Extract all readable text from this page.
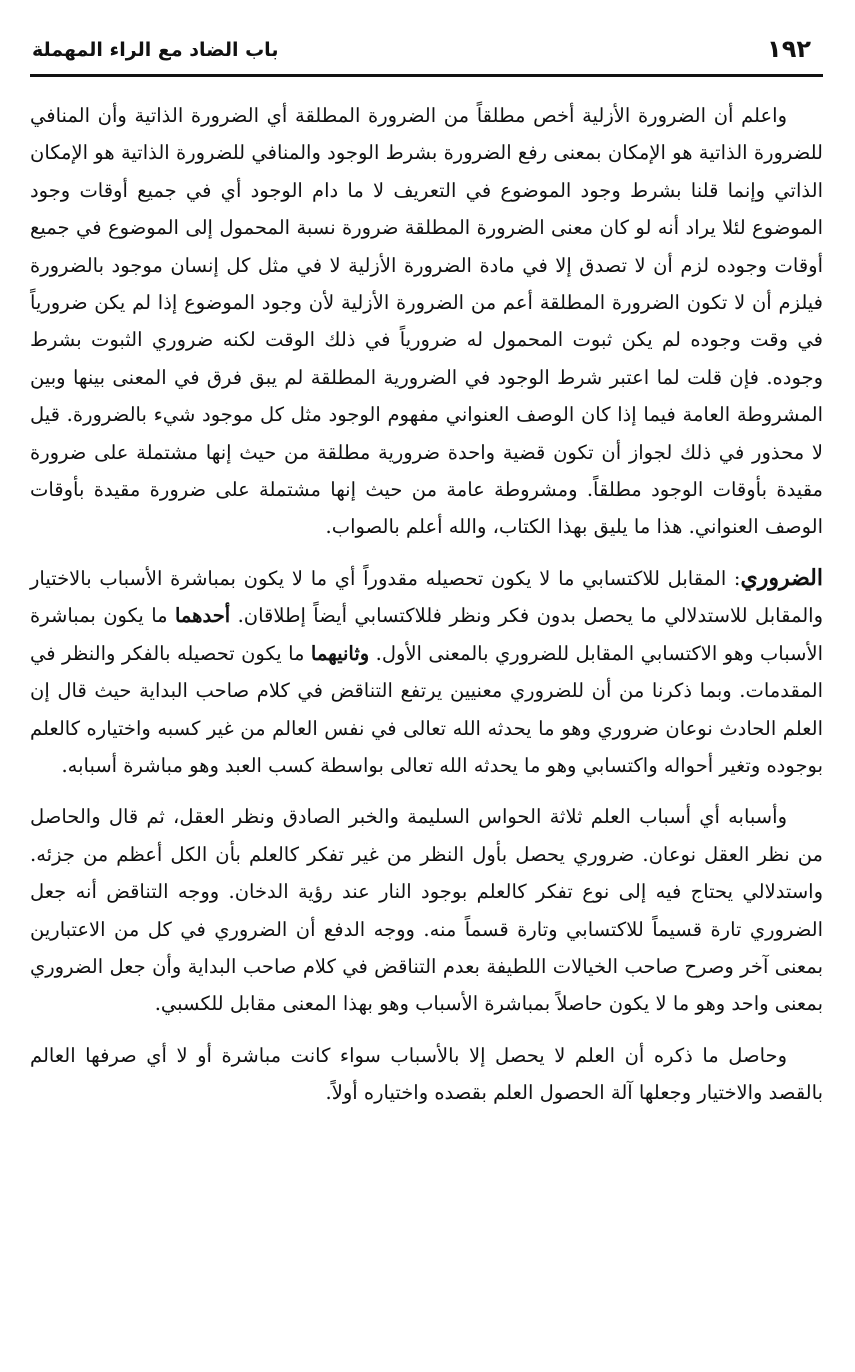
١٩٢
باب الضاد مع الراء المهملة

واعلم أن الضرورة الأزلية أخص مطلقاً من الضرورة المطلقة أي الضرورة الذاتية وأن المنافي للضرورة الذاتية هو الإمكان بمعنى رفع الضرورة بشرط الوجود والمنافي للضرورة الذاتية هو الإمكان الذاتي وإنما قلنا بشرط وجود الموضوع في التعريف لا ما دام الوجود أي في جميع أوقات وجود الموضوع لئلا يراد أنه لو كان معنى الضرورة المطلقة ضرورة نسبة المحمول إلى الموضوع في جميع أوقات وجوده لزم أن لا تصدق إلا في مادة الضرورة الأزلية لا في مثل كل إنسان موجود بالضرورة فيلزم أن لا تكون الضرورة المطلقة أعم من الضرورة الأزلية لأن وجود الموضوع إذا لم يكن ضرورياً في وقت وجوده لم يكن ثبوت المحمول له ضرورياً في ذلك الوقت لكنه ضروري الثبوت بشرط وجوده. فإن قلت لما اعتبر شرط الوجود في الضرورية المطلقة لم يبق فرق في المعنى بينها وبين المشروطة العامة فيما إذا كان الوصف العنواني مفهوم الوجود مثل كل موجود شيء بالضرورة. قيل لا محذور في ذلك لجواز أن تكون قضية واحدة ضرورية مطلقة من حيث إنها مشتملة على ضرورة مقيدة بأوقات الوجود مطلقاً. ومشروطة عامة من حيث إنها مشتملة على ضرورة مقيدة بأوقات الوصف العنواني. هذا ما يليق بهذا الكتاب، والله أعلم بالصواب.

الضروري: المقابل للاكتسابي ما لا يكون تحصيله مقدوراً أي ما لا يكون بمباشرة الأسباب بالاختيار والمقابل للاستدلالي ما يحصل بدون فكر ونظر فللاكتسابي أيضاً إطلاقان. أحدهما ما يكون بمباشرة الأسباب وهو الاكتسابي المقابل للضروري بالمعنى الأول. وثانيهما ما يكون تحصيله بالفكر والنظر في المقدمات. وبما ذكرنا من أن للضروري معنيين يرتفع التناقض في كلام صاحب البداية حيث قال إن العلم الحادث نوعان ضروري وهو ما يحدثه الله تعالى في نفس العالم من غير كسبه واختياره كالعلم بوجوده وتغير أحواله واكتسابي وهو ما يحدثه الله تعالى بواسطة كسب العبد وهو مباشرة أسبابه.

وأسبابه أي أسباب العلم ثلاثة الحواس السليمة والخبر الصادق ونظر العقل، ثم قال والحاصل من نظر العقل نوعان. ضروري يحصل بأول النظر من غير تفكر كالعلم بأن الكل أعظم من جزئه. واستدلالي يحتاج فيه إلى نوع تفكر كالعلم بوجود النار عند رؤية الدخان. ووجه التناقض أنه جعل الضروري تارة قسيماً للاكتسابي وتارة قسماً منه. ووجه الدفع أن الضروري في كل من الاعتبارين بمعنى آخر وصرح صاحب الخيالات اللطيفة بعدم التناقض في كلام صاحب البداية وأن جعل الضروري بمعنى واحد وهو ما لا يكون حاصلاً بمباشرة الأسباب وهو بهذا المعنى مقابل للكسبي.

وحاصل ما ذكره أن العلم لا يحصل إلا بالأسباب سواء كانت مباشرة أو لا أي صرفها العالم بالقصد والاختيار وجعلها آلة الحصول العلم بقصده واختياره أولاً.
